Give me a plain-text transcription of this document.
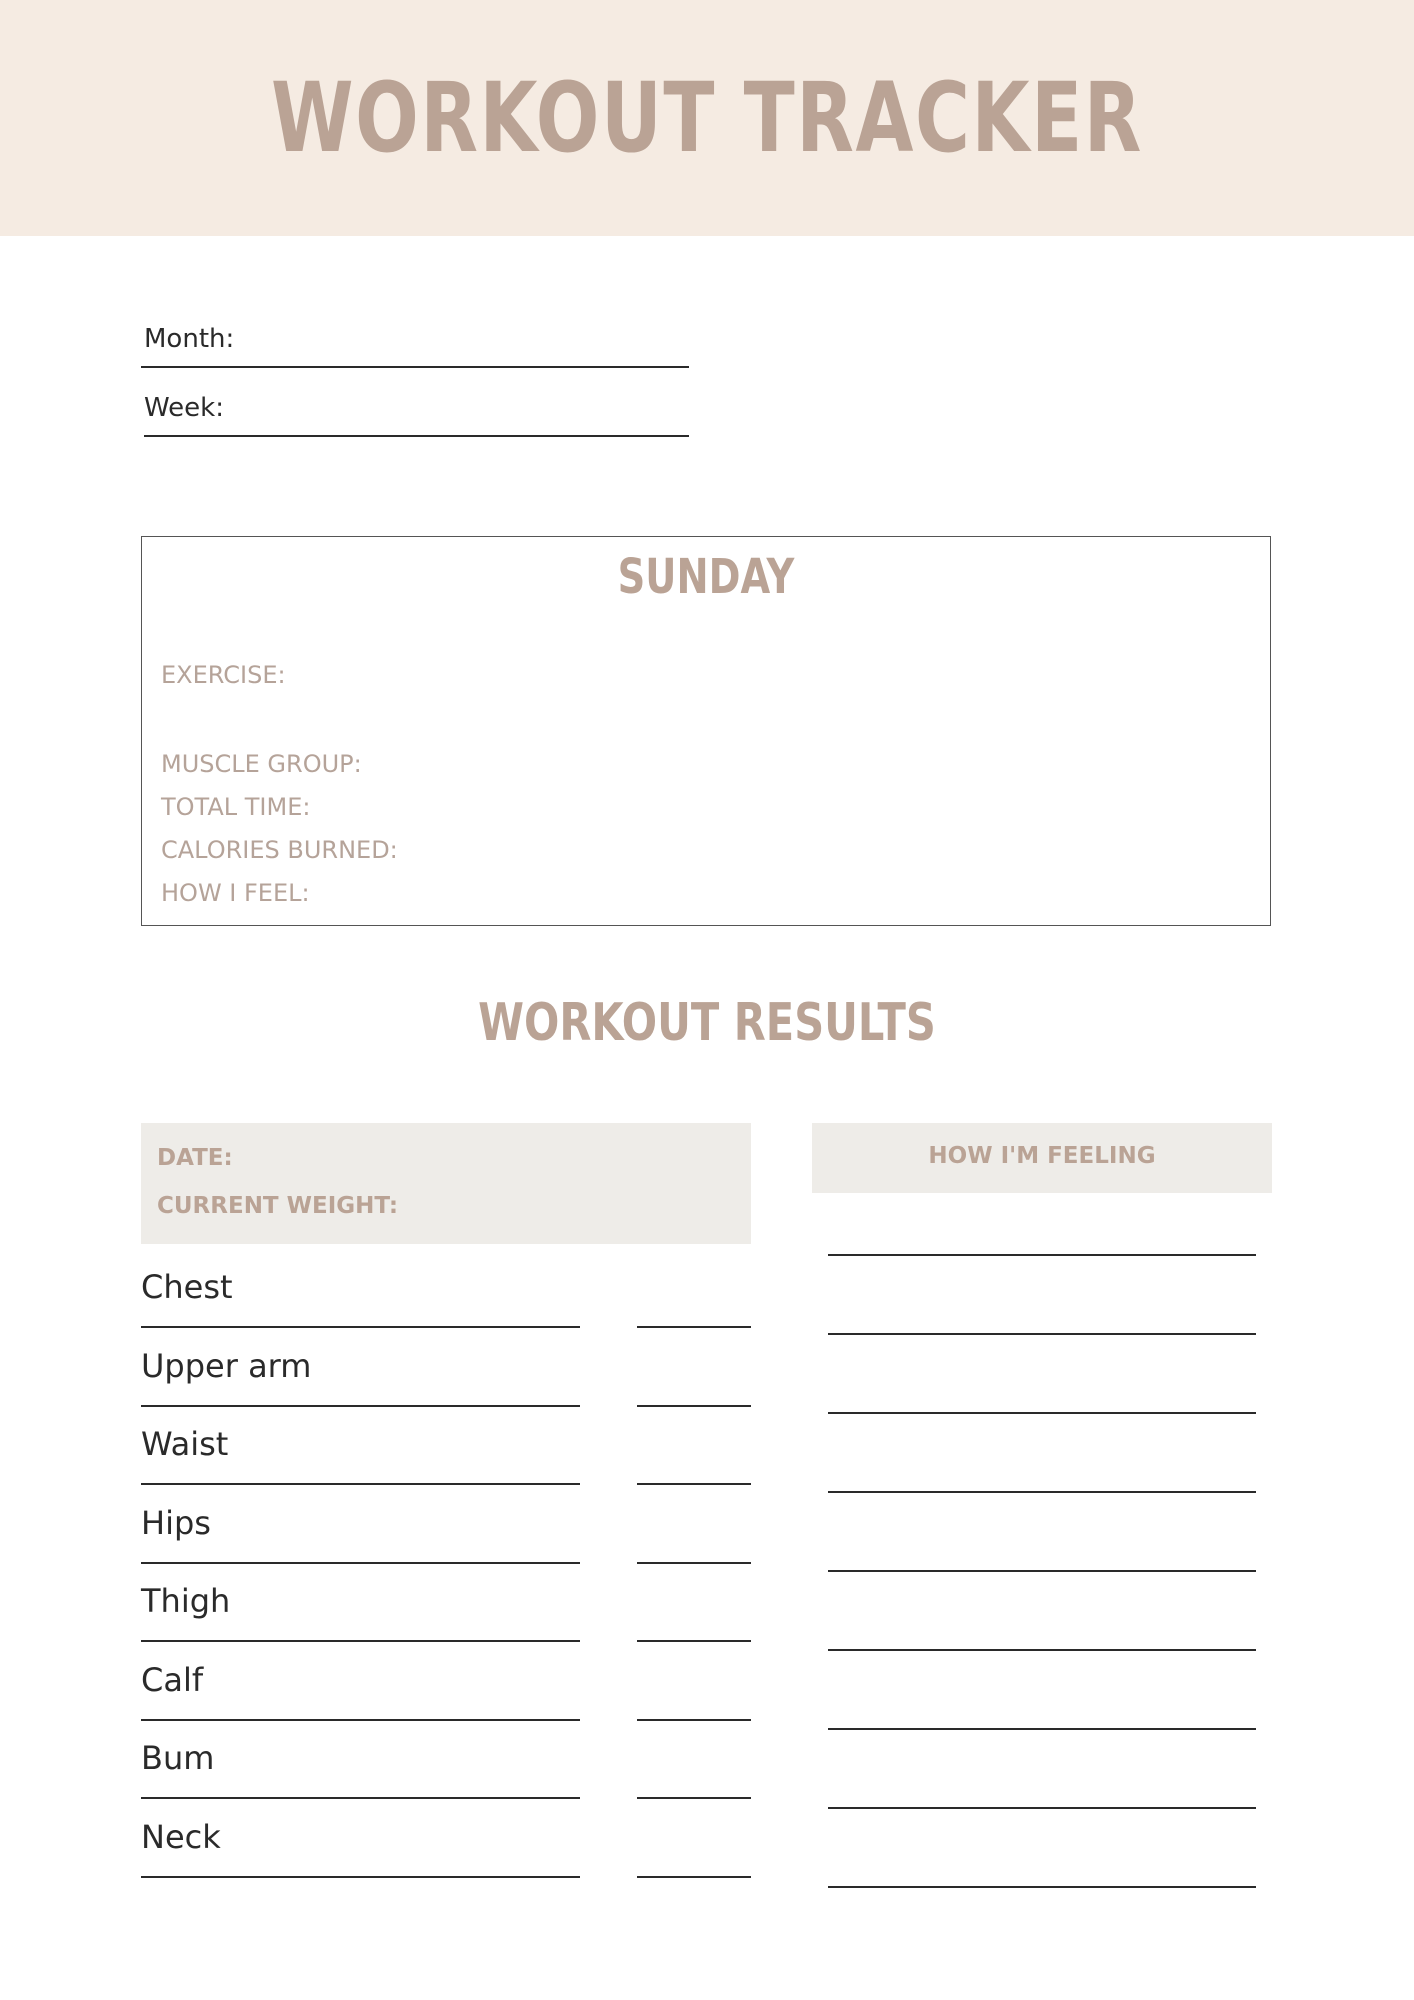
WORKOUT TRACKER
Month:
Week:
SUNDAY
EXERCISE:
MUSCLE GROUP:
TOTAL TIME:
CALORIES BURNED:
HOW I FEEL:
WORKOUT RESULTS
DATE:
CURRENT WEIGHT:
HOW I'M FEELING
Chest
Upper arm
Waist
Hips
Thigh
Calf
Bum
Neck
